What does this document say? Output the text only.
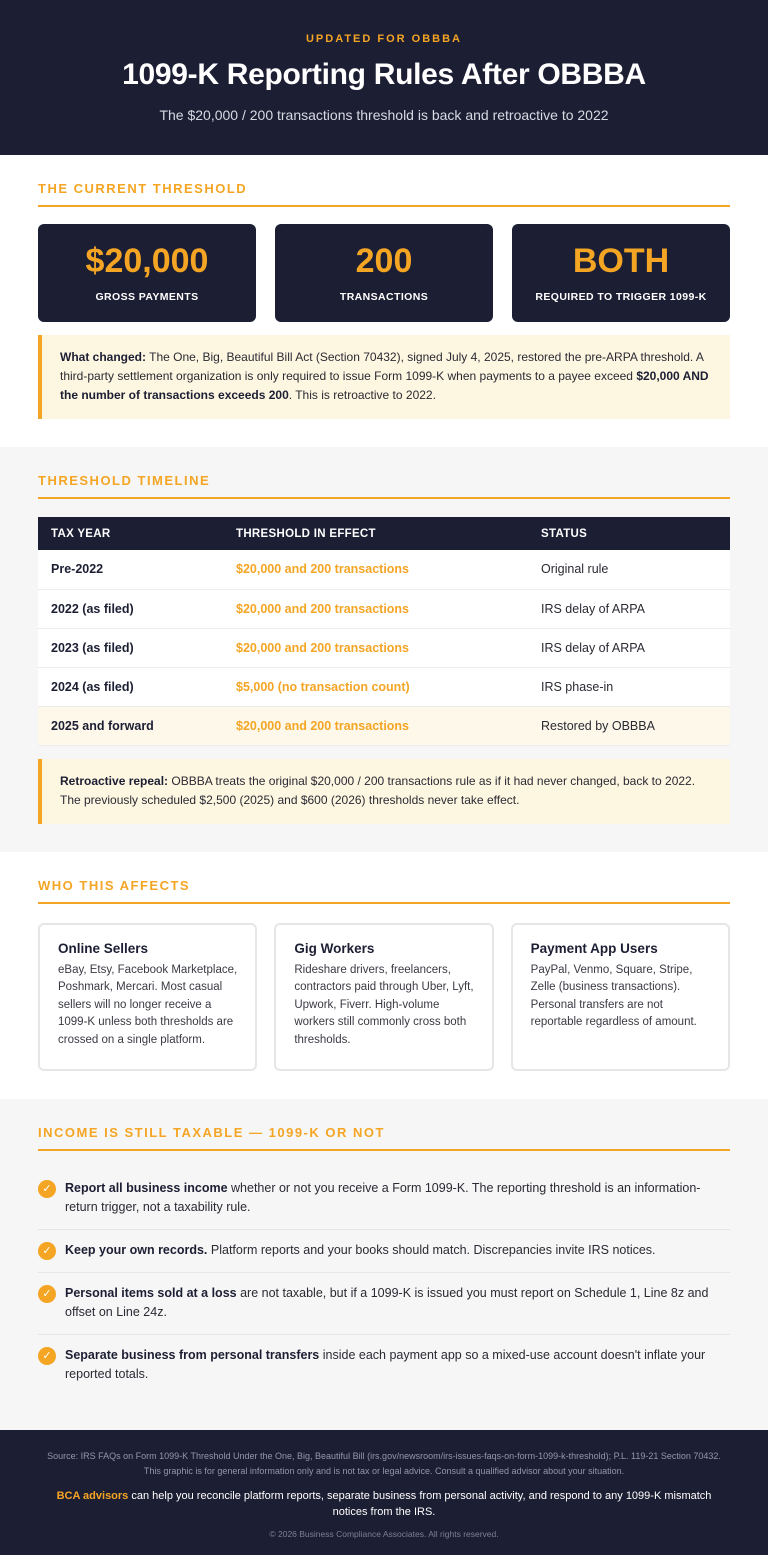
UPDATED FOR OBBBA
1099-K Reporting Rules After OBBBA
The $20,000 / 200 transactions threshold is back and retroactive to 2022
THE CURRENT THRESHOLD
$20,000
GROSS PAYMENTS
200
TRANSACTIONS
BOTH
REQUIRED TO TRIGGER 1099-K
What changed: The One, Big, Beautiful Bill Act (Section 70432), signed July 4, 2025, restored the pre-ARPA threshold. A third-party settlement organization is only required to issue Form 1099-K when payments to a payee exceed $20,000 AND the number of transactions exceeds 200. This is retroactive to 2022.
THRESHOLD TIMELINE
TAX YEAR	THRESHOLD IN EFFECT	STATUS
Pre-2022	$20,000 and 200 transactions	Original rule
2022 (as filed)	$20,000 and 200 transactions	IRS delay of ARPA
2023 (as filed)	$20,000 and 200 transactions	IRS delay of ARPA
2024 (as filed)	$5,000 (no transaction count)	IRS phase-in
2025 and forward	$20,000 and 200 transactions	Restored by OBBBA
Retroactive repeal: OBBBA treats the original $20,000 / 200 transactions rule as if it had never changed, back to 2022. The previously scheduled $2,500 (2025) and $600 (2026) thresholds never take effect.
WHO THIS AFFECTS
Online Sellers
eBay, Etsy, Facebook Marketplace, Poshmark, Mercari. Most casual sellers will no longer receive a 1099-K unless both thresholds are crossed on a single platform.
Gig Workers
Rideshare drivers, freelancers, contractors paid through Uber, Lyft, Upwork, Fiverr. High-volume workers still commonly cross both thresholds.
Payment App Users
PayPal, Venmo, Square, Stripe, Zelle (business transactions). Personal transfers are not reportable regardless of amount.
INCOME IS STILL TAXABLE — 1099-K OR NOT
✓	Report all business income whether or not you receive a Form 1099-K. The reporting threshold is an information-return trigger, not a taxability rule.
✓	Keep your own records. Platform reports and your books should match. Discrepancies invite IRS notices.
✓	Personal items sold at a loss are not taxable, but if a 1099-K is issued you must report on Schedule 1, Line 8z and offset on Line 24z.
✓	Separate business from personal transfers inside each payment app so a mixed-use account doesn't inflate your reported totals.
Source: IRS FAQs on Form 1099-K Threshold Under the One, Big, Beautiful Bill (irs.gov/newsroom/irs-issues-faqs-on-form-1099-k-threshold); P.L. 119-21 Section 70432. This graphic is for general information only and is not tax or legal advice. Consult a qualified advisor about your situation.
BCA advisors can help you reconcile platform reports, separate business from personal activity, and respond to any 1099-K mismatch notices from the IRS.
© 2026 Business Compliance Associates. All rights reserved.
